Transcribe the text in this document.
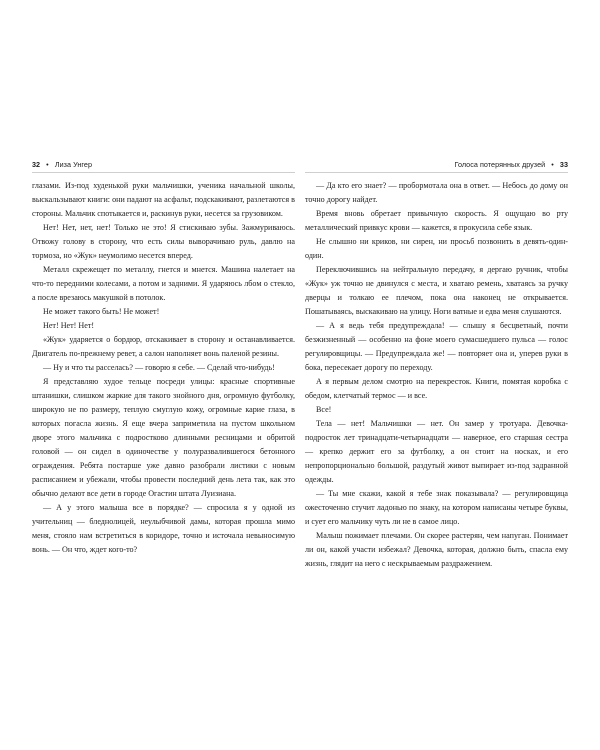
32 • Лиза Унгер

глазами. Из-под худенькой руки мальчишки, ученика начальной школы, выскальзывают книги: они падают на асфальт, подскакивают, разлетаются в стороны. Мальчик спотыкается и, раскинув руки, несется за грузовиком.

Нет! Нет, нет, нет! Только не это! Я стискиваю зубы. Зажмуриваюсь. Отвожу голову в сторону, что есть силы выворачиваю руль, давлю на тормоза, но «Жук» неумолимо несется вперед.

Металл скрежещет по металлу, гнется и мнется. Машина налетает на что-то передними колесами, а потом и задними. Я ударяюсь лбом о стекло, а после врезаюсь макушкой в потолок.

Не может такого быть! Не может!

Нет! Нет! Нет!

«Жук» ударяется о бордюр, отскакивает в сторону и останавливается. Двигатель по-прежнему ревет, а салон наполняет вонь паленой резины.

— Ну и что ты расселась? — говорю я себе. — Сделай что-нибудь!

Я представляю худое тельце посреди улицы: красные спортивные штанишки, слишком жаркие для такого знойного дня, огромную футболку, широкую не по размеру, теплую смуглую кожу, огромные карие глаза, в которых погасла жизнь. Я еще вчера заприметила на пустом школьном дворе этого мальчика с подростково длинными ресницами и обритой головой — он сидел в одиночестве у полуразвалившегося бетонного ограждения. Ребята постарше уже давно разобрали листики с новым расписанием и убежали, чтобы провести последний день лета так, как это обычно делают все дети в городе Огастин штата Луизиана.

— А у этого малыша все в порядке? — спросила я у одной из учительниц — бледнолицей, неулыбчивой дамы, которая прошла мимо меня, стояло нам встретиться в коридоре, точно и источала невыносимую вонь. — Он что, ждет кого-то?

Голоса потерянных друзей • 33

— Да кто его знает? — пробормотала она в ответ. — Небось до дому он точно дорогу найдет.

Время вновь обретает привычную скорость. Я ощущаю во рту металлический привкус крови — кажется, я прокусила себе язык.

Не слышно ни криков, ни сирен, ни просьб позвонить в девять-один-один.

Переключившись на нейтральную передачу, я дергаю ручник, чтобы «Жук» уж точно не двинулся с места, и хватаю ремень, хватаясь за ручку дверцы и толкаю ее плечом, пока она наконец не открывается. Пошатываясь, выскакиваю на улицу. Ноги ватные и едва меня слушаются.

— А я ведь тебя предупреждала! — слышу я бесцветный, почти безжизненный — особенно на фоне моего сумасшедшего пульса — голос регулировщицы. — Предупреждала же! — повторяет она и, уперев руки в бока, пересекает дорогу по переходу.

А я первым делом смотрю на перекресток. Книги, помятая коробка с обедом, клетчатый термос — и все.

Все!

Тела — нет! Мальчишки — нет. Он замер у тротуара. Девочка-подросток лет тринадцати-четырнадцати — наверное, его старшая сестра — крепко держит его за футболку, а он стоит на носках, и его непропорционально большой, раздутый живот выпирает из-под задранной одежды.

— Ты мне скажи, какой я тебе знак показывала? — регулировщица ожесточенно стучит ладонью по знаку, на котором написаны четыре буквы, и сует его мальчику чуть ли не в самое лицо.

Малыш пожимает плечами. Он скорее растерян, чем напуган. Понимает ли он, какой участи избежал? Девочка, которая, должно быть, спасла ему жизнь, глядит на него с нескрываемым раздражением.
